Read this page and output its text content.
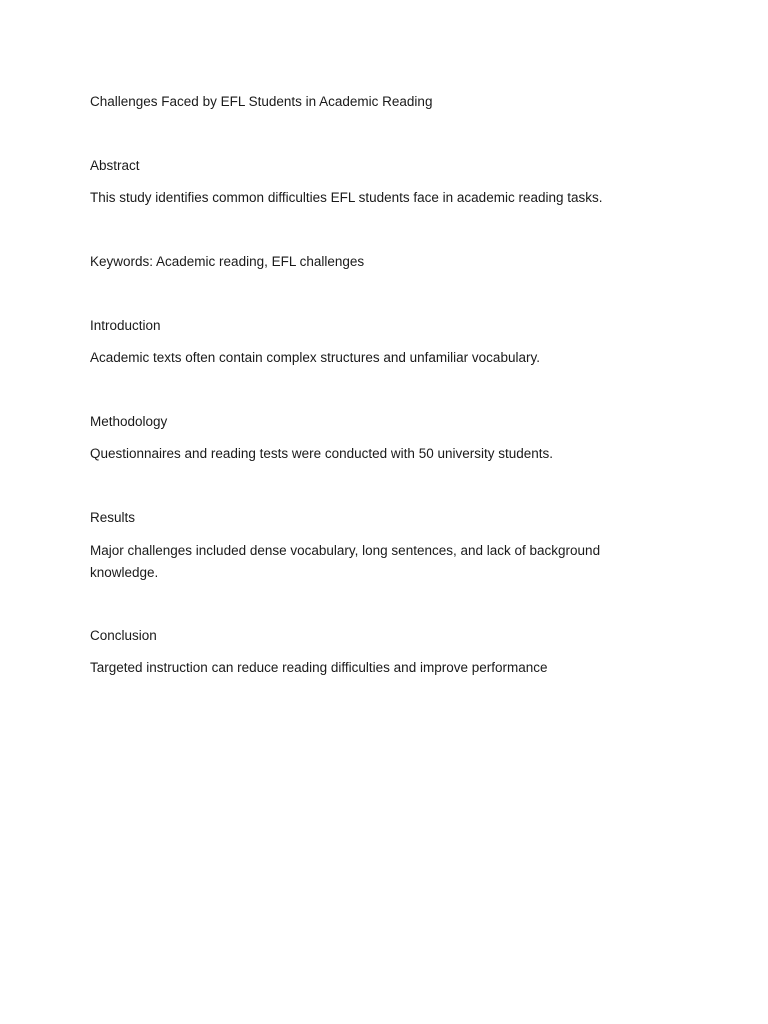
Challenges Faced by EFL Students in Academic Reading

Abstract

This study identifies common difficulties EFL students face in academic reading tasks.

Keywords: Academic reading, EFL challenges

Introduction

Academic texts often contain complex structures and unfamiliar vocabulary.

Methodology

Questionnaires and reading tests were conducted with 50 university students.

Results

Major challenges included dense vocabulary, long sentences, and lack of background knowledge.

Conclusion

Targeted instruction can reduce reading difficulties and improve performance
